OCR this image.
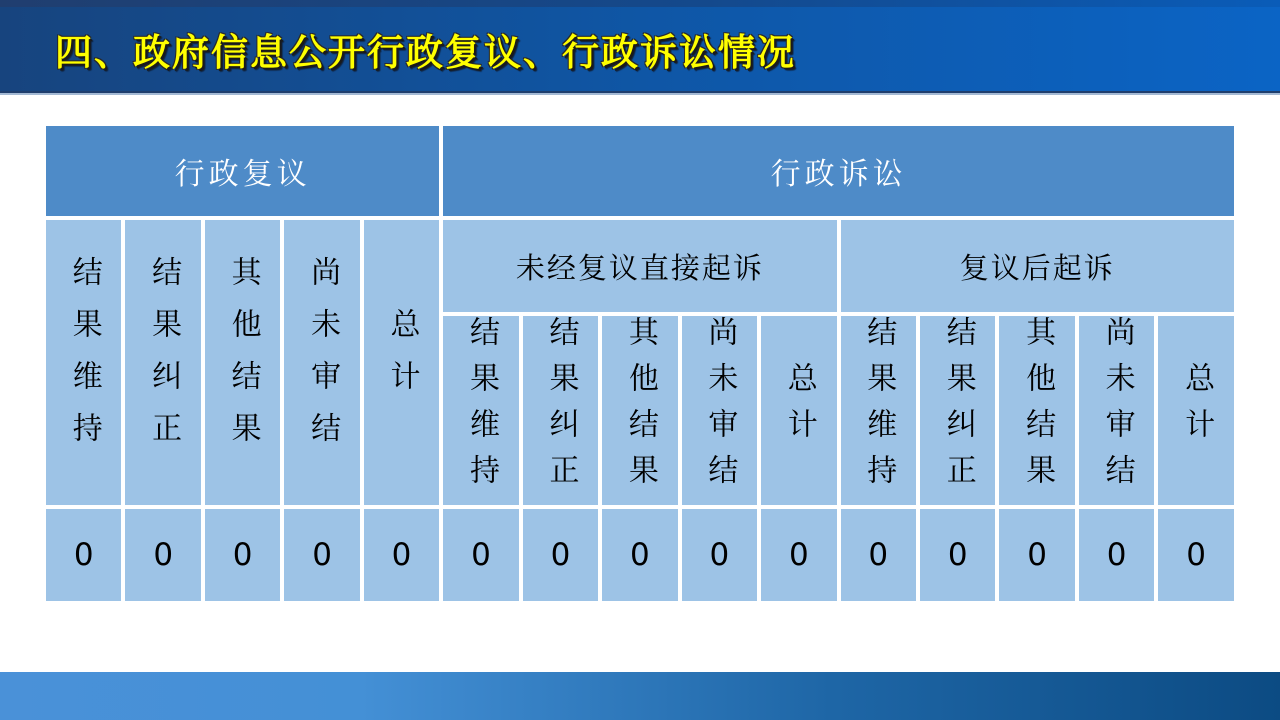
四、政府信息公开行政复议、行政诉讼情况
行政复议					行政诉讼									
结果维持	结果纠正	其他结果	尚未审结	总计	未经复议直接起诉					复议后起诉				
					结果维持	结果纠正	其他结果	尚未审结	总计	结果维持	结果纠正	其他结果	尚未审结	总计
0	0	0	0	0	0	0	0	0	0	0	0	0	0	0
